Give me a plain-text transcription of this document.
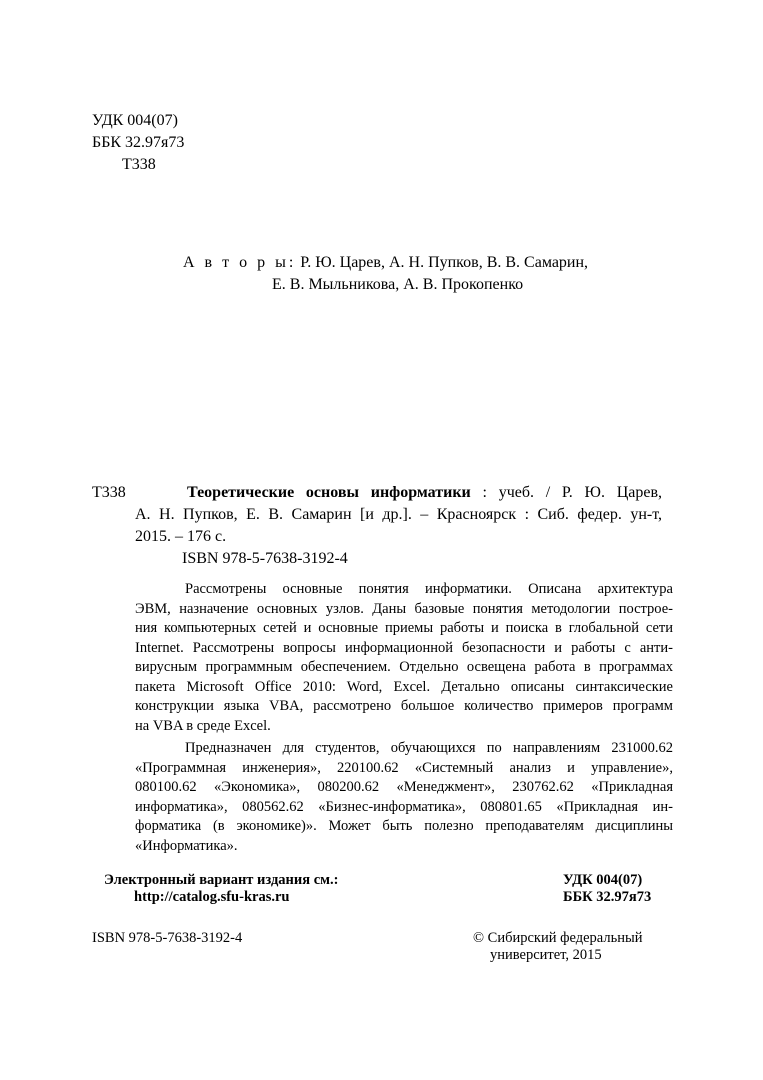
УДК 004(07)
ББК 32.97я73
Т338
А в т о р ы: Р. Ю. Царев, А. Н. Пупков, В. В. Самарин,
Е. В. Мыльникова, А. В. Прокопенко
Т338	Теоретические основы информатики : учеб. / Р. Ю. Царев,
А. Н. Пупков, Е. В. Самарин [и др.]. – Красноярск : Сиб. федер. ун-т,
2015. – 176 с.
ISBN 978-5-7638-3192-4
Рассмотрены основные понятия информатики. Описана архитектура
ЭВМ, назначение основных узлов. Даны базовые понятия методологии построе-
ния компьютерных сетей и основные приемы работы и поиска в глобальной сети
Internet. Рассмотрены вопросы информационной безопасности и работы с анти-
вирусным программным обеспечением. Отдельно освещена работа в программах
пакета Microsoft Office 2010: Word, Excel. Детально описаны синтаксические
конструкции языка VBA, рассмотрено большое количество примеров программ
на VBA в среде Excel.
Предназначен для студентов, обучающихся по направлениям 231000.62
«Программная инженерия», 220100.62 «Системный анализ и управление»,
080100.62 «Экономика», 080200.62 «Менеджмент», 230762.62 «Прикладная
информатика», 080562.62 «Бизнес-информатика», 080801.65 «Прикладная ин-
форматика (в экономике)». Может быть полезно преподавателям дисциплины
«Информатика».
Электронный вариант издания см.:
http://catalog.sfu-kras.ru
УДК 004(07)
ББК 32.97я73
ISBN 978-5-7638-3192-4	© Сибирский федеральный
университет, 2015
